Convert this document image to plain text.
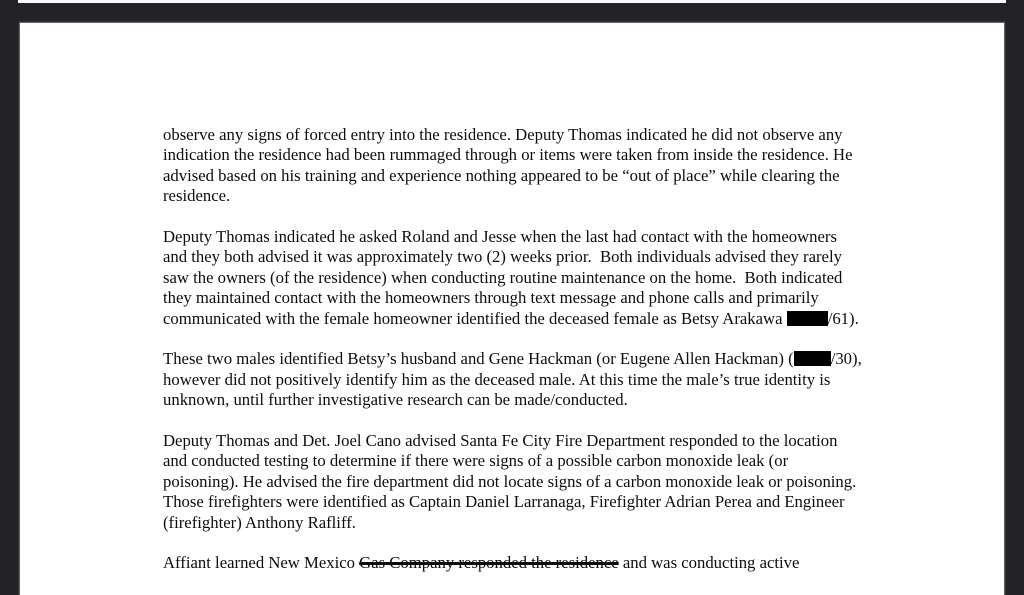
observe any signs of forced entry into the residence. Deputy Thomas indicated he did not observe any indication the residence had been rummaged through or items were taken from inside the residence. He advised based on his training and experience nothing appeared to be “out of place” while clearing the residence.

Deputy Thomas indicated he asked Roland and Jesse when the last had contact with the homeowners and they both advised it was approximately two (2) weeks prior.  Both individuals advised they rarely saw the owners (of the residence) when conducting routine maintenance on the home.  Both indicated they maintained contact with the homeowners through text message and phone calls and primarily communicated with the female homeowner identified the deceased female as Betsy Arakawa /61).

These two males identified Betsy’s husband and Gene Hackman (or Eugene Allen Hackman) ( /30), however did not positively identify him as the deceased male. At this time the male’s true identity is unknown, until further investigative research can be made/conducted.

Deputy Thomas and Det. Joel Cano advised Santa Fe City Fire Department responded to the location and conducted testing to determine if there were signs of a possible carbon monoxide leak (or poisoning). He advised the fire department did not locate signs of a carbon monoxide leak or poisoning.  Those firefighters were identified as Captain Daniel Larranaga, Firefighter Adrian Perea and Engineer (firefighter) Anthony Rafliff.

Affiant learned New Mexico Gas Company responded the residence and was conducting active
